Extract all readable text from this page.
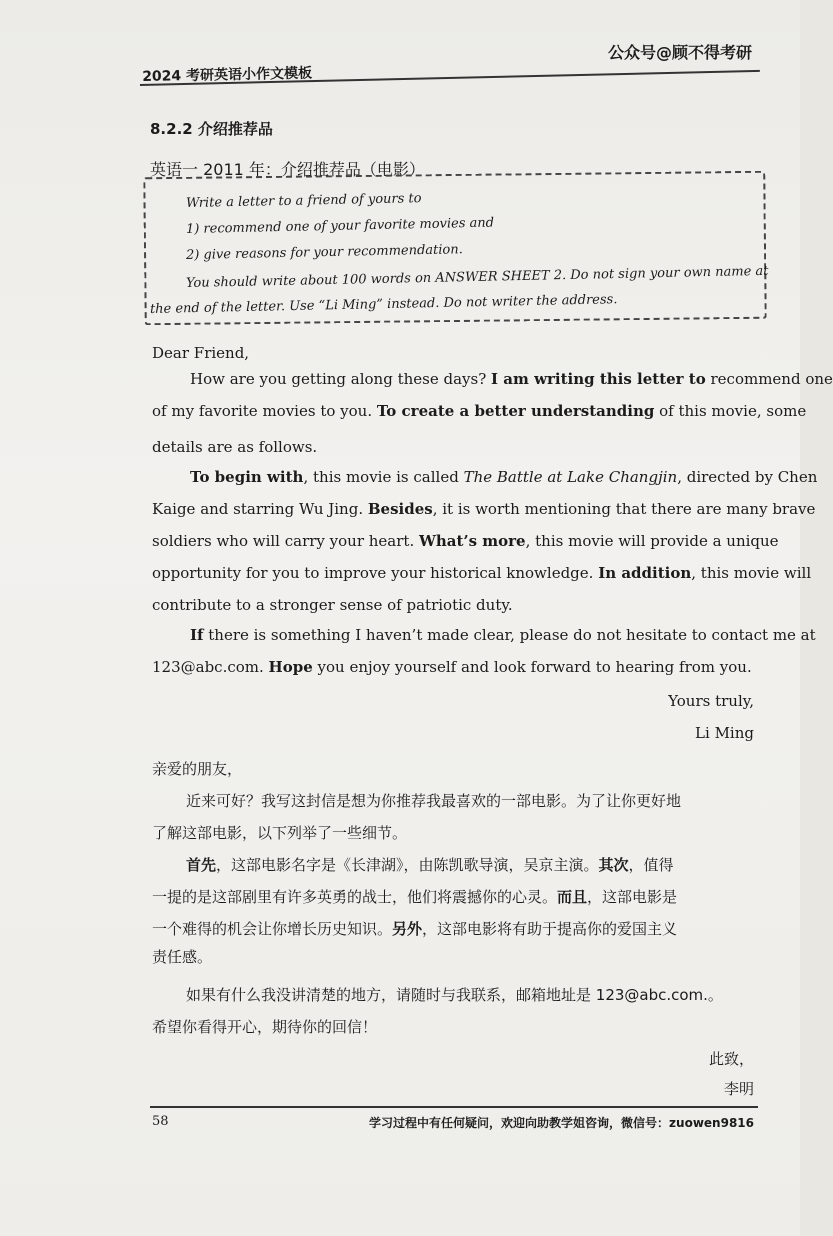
公众号@顾不得考研
2024 考研英语小作文模板
8.2.2 介绍推荐品
英语一 2011 年：介绍推荐品（电影）
Write a letter to a friend of yours to
1) recommend one of your favorite movies and
2) give reasons for your recommendation.
You should write about 100 words on ANSWER SHEET 2. Do not sign your own name at
the end of the letter. Use “Li Ming” instead. Do not writer the address.
Dear Friend,
How are you getting along these days? I am writing this letter to recommend one
of my favorite movies to you. To create a better understanding of this movie, some
details are as follows.
To begin with, this movie is called The Battle at Lake Changjin, directed by Chen
Kaige and starring Wu Jing. Besides, it is worth mentioning that there are many brave
soldiers who will carry your heart. What’s more, this movie will provide a unique
opportunity for you to improve your historical knowledge. In addition, this movie will
contribute to a stronger sense of patriotic duty.
If there is something I haven’t made clear, please do not hesitate to contact me at
123@abc.com. Hope you enjoy yourself and look forward to hearing from you.
Yours truly,
Li Ming
亲爱的朋友，
近来可好？我写这封信是想为你推荐我最喜欢的一部电影。为了让你更好地
了解这部电影，以下列举了一些细节。
首先，这部电影名字是《长津湖》，由陈凯歌导演，吴京主演。其次，值得
一提的是这部剧里有许多英勇的战士，他们将震撼你的心灵。而且，这部电影是
一个难得的机会让你增长历史知识。另外，这部电影将有助于提高你的爱国主义
责任感。
如果有什么我没讲清楚的地方，请随时与我联系，邮箱地址是 123@abc.com.。
希望你看得开心，期待你的回信！
此致，
李明
58	学习过程中有任何疑问，欢迎向助教学姐咨询，微信号：zuowen9816
